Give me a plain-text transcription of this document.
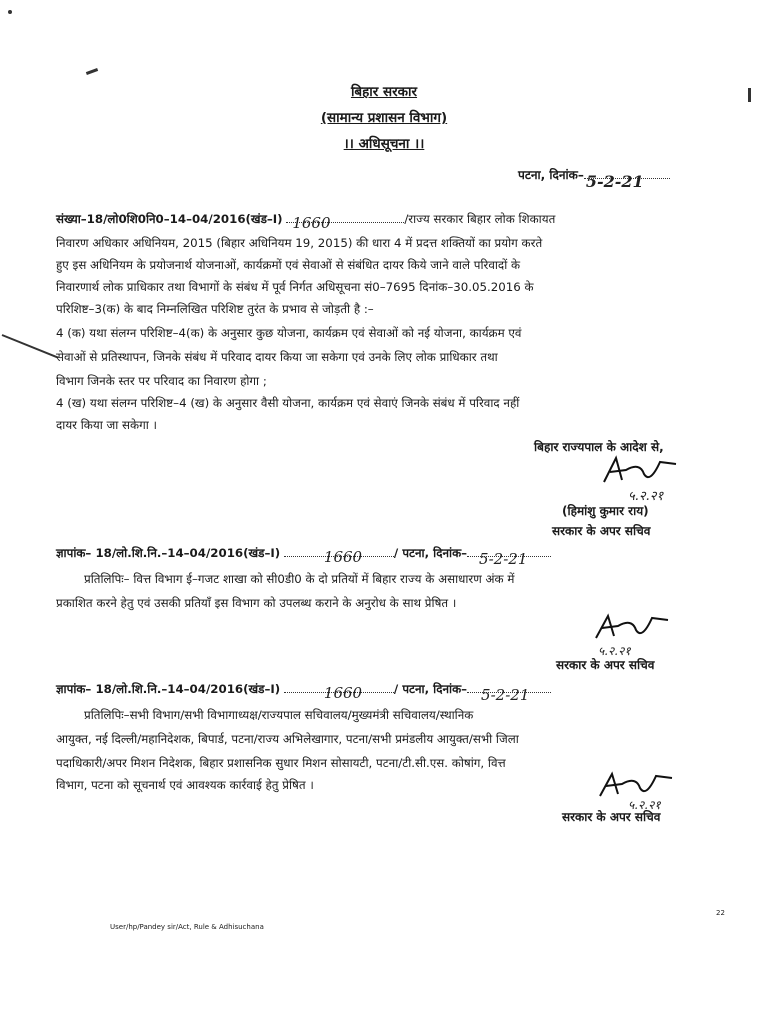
बिहार सरकार
(सामान्य प्रशासन विभाग)
।। अधिसूचना ।।
पटना, दिनांक– 5-2-21
संख्या–18/लो0शि0नि0–14–04/2016(खंड–I) 1660	/राज्य सरकार बिहार लोक शिकायत
निवारण अधिकार अधिनियम, 2015 (बिहार अधिनियम 19, 2015) की धारा 4 में प्रदत्त शक्तियों का प्रयोग करते
हुए इस अधिनियम के प्रयोजनार्थ योजनाओं, कार्यक्रमों एवं सेवाओं से संबंधित दायर किये जाने वाले परिवादों के
निवारणार्थ लोक प्राधिकार तथा विभागों के संबंध में पूर्व निर्गत अधिसूचना सं0–7695 दिनांक–30.05.2016 के
परिशिष्ट–3(क) के बाद निम्नलिखित परिशिष्ट तुरंत के प्रभाव से जोड़ती है :–
4 (क) यथा संलग्न परिशिष्ट–4(क) के अनुसार कुछ योजना, कार्यक्रम एवं सेवाओं को नई योजना, कार्यक्रम एवं
सेवाओं से प्रतिस्थापन, जिनके संबंध में परिवाद दायर किया जा सकेगा एवं उनके लिए लोक प्राधिकार तथा
विभाग जिनके स्तर पर परिवाद का निवारण होगा ;
4 (ख) यथा संलग्न परिशिष्ट–4 (ख) के अनुसार वैसी योजना, कार्यक्रम एवं सेवाएं जिनके संबंध में परिवाद नहीं
दायर किया जा सकेगा ।
बिहार राज्यपाल के आदेश से,
५.२.२१
(हिमांशु कुमार राय)
सरकार के अपर सचिव
ज्ञापांक– 18/लो.शि.नि.–14–04/2016(खंड–I)	1660	/ पटना, दिनांक– 5-2-21
प्रतिलिपिः– वित्त विभाग ई–गजट शाखा को सी0डी0 के दो प्रतियों में बिहार राज्य के असाधारण अंक में
प्रकाशित करने हेतु एवं उसकी प्रतियाँ इस विभाग को उपलब्ध कराने के अनुरोध के साथ प्रेषित ।
५.२.२१
सरकार के अपर सचिव
ज्ञापांक– 18/लो.शि.नि.–14–04/2016(खंड–I)	1660	/ पटना, दिनांक– 5-2-21
प्रतिलिपिः–सभी विभाग/सभी विभागाध्यक्ष/राज्यपाल सचिवालय/मुख्यमंत्री सचिवालय/स्थानिक
आयुक्त, नई दिल्ली/महानिदेशक, बिपार्ड, पटना/राज्य अभिलेखागार, पटना/सभी प्रमंडलीय आयुक्त/सभी जिला
पदाधिकारी/अपर मिशन निदेशक, बिहार प्रशासनिक सुधार मिशन सोसायटी, पटना/टी.सी.एस. कोषांग, वित्त
विभाग, पटना को सूचनार्थ एवं आवश्यक कार्रवाई हेतु प्रेषित ।
५.२.२१
सरकार के अपर सचिव
User/hp/Pandey sir/Act, Rule & Adhisuchana
22
